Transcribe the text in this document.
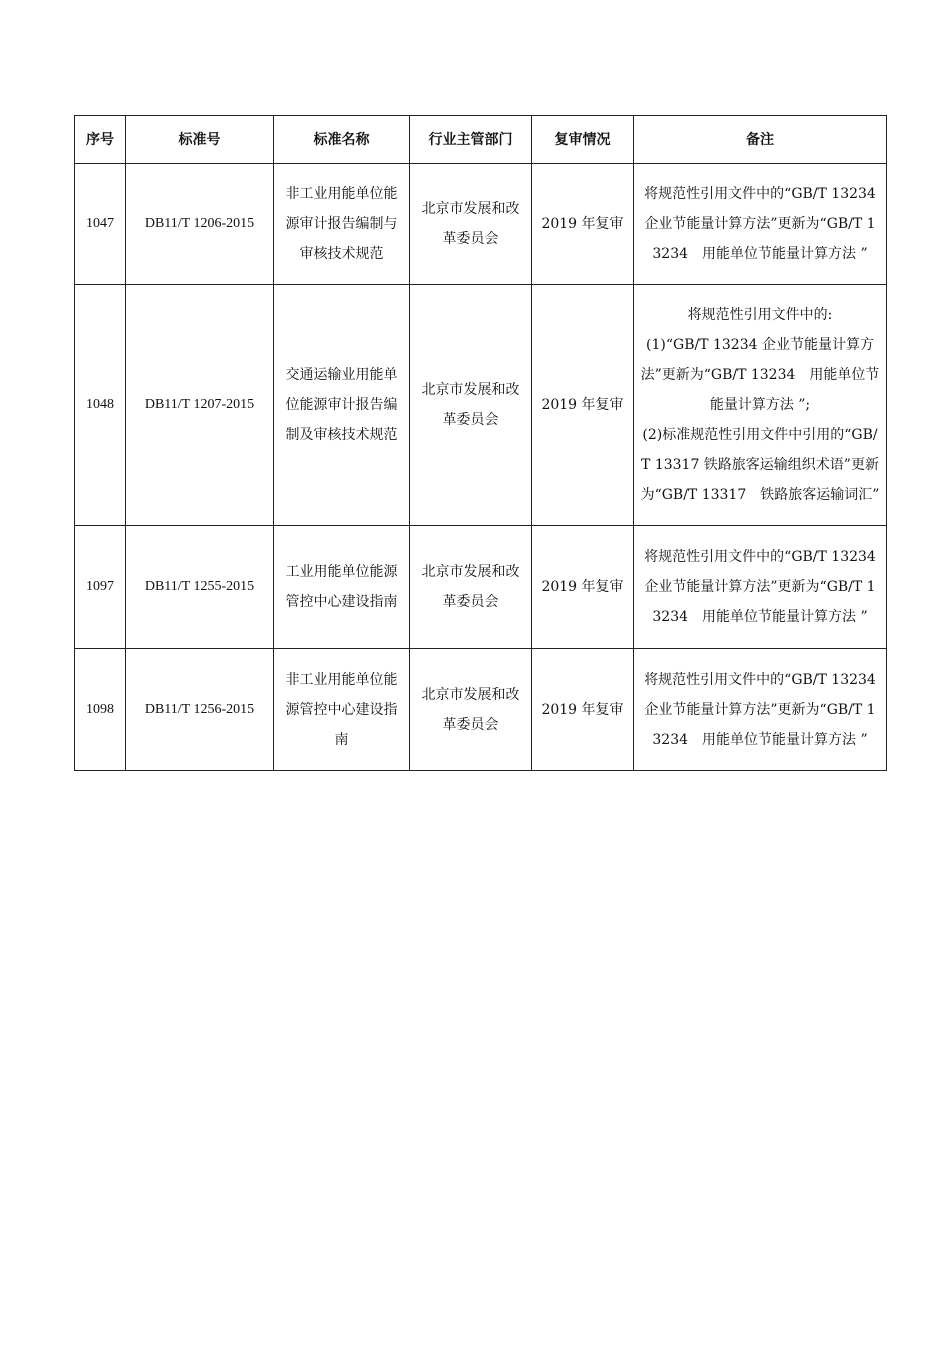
序号	标准号	标准名称	行业主管部门	复审情况	备注
1047	DB11/T 1206-2015	非工业用能单位能源审计报告编制与审核技术规范	北京市发展和改革委员会	2019 年复审	将规范性引用文件中的“GB/T 13234 企业节能量计算方法”更新为“GB/T 13234　用能单位节能量计算方法 ”

1048	DB11/T 1207-2015	交通运输业用能单位能源审计报告编制及审核技术规范	北京市发展和改革委员会	2019 年复审	将规范性引用文件中的:
(1)“GB/T 13234 企业节能量计算方法”更新为“GB/T 13234　用能单位节能量计算方法 ”;
(2)标准规范性引用文件中引用的“GB/T 13317 铁路旅客运输组织术语”更新为“GB/T 13317　铁路旅客运输词汇”

1097	DB11/T 1255-2015	工业用能单位能源管控中心建设指南	北京市发展和改革委员会	2019 年复审	将规范性引用文件中的“GB/T 13234 企业节能量计算方法”更新为“GB/T 13234　用能单位节能量计算方法 ”

1098	DB11/T 1256-2015	非工业用能单位能源管控中心建设指南	北京市发展和改革委员会	2019 年复审	将规范性引用文件中的“GB/T 13234 企业节能量计算方法”更新为“GB/T 13234　用能单位节能量计算方法 ”
